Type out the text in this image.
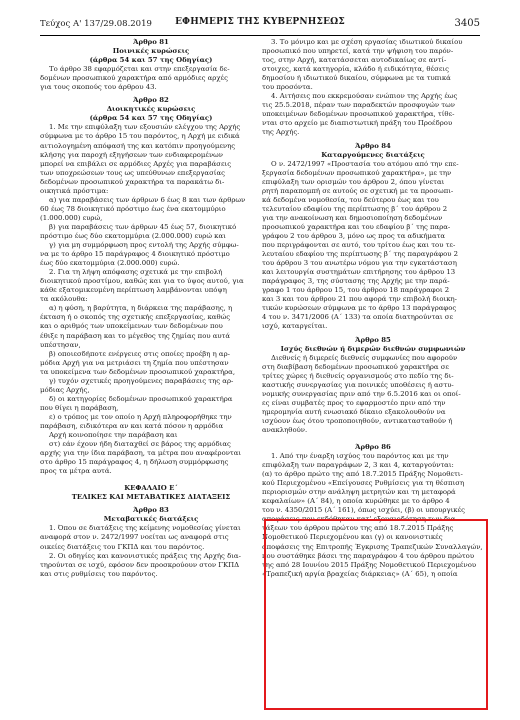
Τεύχος A' 137/29.08.2019	ΕΦΗΜΕΡΙΣ ΤΗΣ ΚΥΒΕΡΝΗΣΕΩΣ	3405

Άρθρο 81

Ποινικές κυρώσεις

(άρθρα 54 και 57 της Οδηγίας)

Το άρθρο 38 εφαρμόζεται και στην επεξεργασία δε-

δομένων προσωπικού χαρακτήρα από αρμόδιες αρχές

για τους σκοπούς του άρθρου 43.

Άρθρο 82

Διοικητικές κυρώσεις

(άρθρα 54 και 57 της Οδηγίας)

1. Με την επιφύλαξη των εξουσιών ελέγχου της Αρχής

σύμφωνα με το άρθρο 15 του παρόντος, η Αρχή με ειδικά

αιτιολογημένη απόφασή της και κατόπιν προηγούμενης

κλήσης για παροχή εξηγήσεων των ενδιαφερομένων

μπορεί να επιβάλει σε αρμόδιες Αρχές για παραβάσεις

των υποχρεώσεων τους ως υπεύθυνων επεξεργασίας

δεδομένων προσωπικού χαρακτήρα τα παρακάτω δι-

οικητικά πρόστιμα:

α) για παραβάσεις των άρθρων 6 έως 8 και των άρθρων

60 έως 78 διοικητικό πρόστιμο έως ένα εκατομμύριο

(1.000.000) ευρώ,

β) για παραβάσεις των άρθρων 45 έως 57, διοικητικό

πρόστιμο έως δύο εκατομμύρια (2.000.000) ευρώ και

γ) για μη συμμόρφωση προς εντολή της Αρχής σύμφω-

να με το άρθρο 15 παράγραφος 4 διοικητικό πρόστιμο

έως δύο εκατομμύρια (2.000.000) ευρώ.

2. Για τη λήψη απόφασης σχετικά με την επιβολή

διοικητικού προστίμου, καθώς και για το ύψος αυτού, για

κάθε εξατομικευμένη περίπτωση λαμβάνονται υπόψη

τα ακόλουθα:

α) η φύση, η βαρύτητα, η διάρκεια της παράβασης, η

έκταση ή ο σκοπός της σχετικής επεξεργασίας, καθώς

και ο αριθμός των υποκείμενων των δεδομένων που

έθιξε η παράβαση και το μέγεθος της ζημίας που αυτά

υπέστησαν,

β) οποιεσδήποτε ενέργειες στις οποίες προέβη η αρ-

μόδια Αρχή για να μετριάσει τη ζημία που υπέστησαν

τα υποκείμενα των δεδομένων προσωπικού χαρακτήρα,

γ) τυχόν σχετικές προηγούμενες παραβάσεις της αρ-

μόδιας Αρχής,

δ) οι κατηγορίες δεδομένων προσωπικού χαρακτήρα

που θίγει η παράβαση,

ε) ο τρόπος με τον οποίο η Αρχή πληροφορήθηκε την

παράβαση, ειδικότερα αν και κατά πόσον η αρμόδια

Αρχή κοινοποίησε την παράβαση και

στ) εάν έχουν ήδη διαταχθεί σε βάρος της αρμόδιας

αρχής για την ίδια παράβαση, τα μέτρα που αναφέρονται

στο άρθρο 15 παράγραφος 4, η δήλωση συμμόρφωσης

προς τα μέτρα αυτά.

ΚΕΦΑΛΑΙΟ Ε΄

ΤΕΛΙΚΕΣ ΚΑΙ ΜΕΤΑΒΑΤΙΚΕΣ ΔΙΑΤΑΞΕΙΣ

Άρθρο 83

Μεταβατικές διατάξεις

1. Όπου σε διατάξεις της κείμενης νομοθεσίας γίνεται

αναφορά στον ν. 2472/1997 νοείται ως αναφορά στις

οικείες διατάξεις του ΓΚΠΔ και του παρόντος.

2. Οι οδηγίες και κανονιστικές πράξεις της Αρχής δια-

τηρούνται σε ισχύ, εφόσον δεν προσκρούουν στον ΓΚΠΔ

και στις ρυθμίσεις του παρόντος.

3. Το μόνιμο και με σχέση εργασίας ιδιωτικού δικαίου

προσωπικό που υπηρετεί, κατά την ψήφιση του παρόν-

τος, στην Αρχή, κατατάσσεται αυτοδικαίως σε αντί-

στοιχες, κατά κατηγορία, κλάδο ή ειδικότητα, θέσεις

δημοσίου ή ιδιωτικού δικαίου, σύμφωνα με τα τυπικά

του προσόντα.

4. Αιτήσεις που εκκρεμούσαν ενώπιον της Αρχής έως

τις 25.5.2018, πέραν των παραδεκτών προσφυγών των

υποκειμένων δεδομένων προσωπικού χαρακτήρα, τίθε-

νται στο αρχείο με διαπιστωτική πράξη του Προέδρου

της Αρχής.

Άρθρο 84

Καταργούμενες διατάξεις

Ο ν. 2472/1997 «Προστασία του ατόμου από την επε-

ξεργασία δεδομένων προσωπικού χαρακτήρα», με την

επιφύλαξη των ορισμών του άρθρου 2, όπου γίνεται

ρητή παραπομπή σε αυτούς σε σχετική με τα προσωπι-

κά δεδομένα νομοθεσία, του δεύτερου έως και του

τελευταίου εδαφίου της περίπτωσης β΄ του άρθρου 2

για την ανακοίνωση και δημοσιοποίηση δεδομένων

προσωπικού χαρακτήρα και του εδαφίου β΄ της παρα-

γράφου 2 του άρθρου 3, μόνο ως προς τα αδικήματα

που περιγράφονται σε αυτό, του τρίτου έως και του τε-

λευταίου εδαφίου της περίπτωσης β΄ της παραγράφου 2

του άρθρου 3 του ανωτέρω νόμου για την εγκατάσταση

και λειτουργία συστημάτων επιτήρησης του άρθρου 13

παράγραφος 3, της σύστασης της Αρχής με την παρά-

γραφο 1 του άρθρου 15, του άρθρου 18 παράγραφοι 2

και 3 και του άρθρου 21 που αφορά την επιβολή διοικη-

τικών κυρώσεων σύμφωνα με το άρθρο 13 παράγραφος

4 του ν. 3471/2006 (Α΄ 133) τα οποία διατηρούνται σε

ισχύ, καταργείται.

Άρθρο 85

Ισχύς διεθνών ή διμερών διεθνών συμφωνιών

Διεθνείς ή διμερείς διεθνείς συμφωνίες που αφορούν

στη διαβίβαση δεδομένων προσωπικού χαρακτήρα σε

τρίτες χώρες ή διεθνείς οργανισμούς στο πεδίο της δι-

καστικής συνεργασίας για ποινικές υποθέσεις ή αστυ-

νομικής συνεργασίας πριν από την 6.5.2016 και οι οποί-

ες είναι συμβατές προς το εφαρμοστέο πριν από την

ημερομηνία αυτή ενωσιακό δίκαιο εξακολουθούν να

ισχύουν έως ότου τροποποιηθούν, αντικατασταθούν ή

ανακληθούν.

Άρθρο 86

1. Από την έναρξη ισχύος του παρόντος και με την

επιφύλαξη των παραγράφων 2, 3 και 4, καταργούνται:

(α) το άρθρο πρώτο της από 18.7.2015 Πράξης Νομοθετι-

κού Περιεχομένου «Επείγουσες Ρυθμίσεις για τη θέσπιση

περιορισμών στην ανάληψη μετρητών και τη μεταφορά

κεφαλαίων» (Α΄ 84), η οποία κυρώθηκε με το άρθρο 4

του ν. 4350/2015 (Α΄ 161), όπως ισχύει, (β) οι υπουργικές

αποφάσεις που εκδόθηκαν κατ' εξουσιοδότηση των δια-

τάξεων του άρθρου πρώτου της από 18.7.2015 Πράξης

Νομοθετικού Περιεχομένου και (γ) οι κανονιστικές

αποφάσεις της Επιτροπής Έγκρισης Τραπεζικών Συναλλαγών,

που συστάθηκε βάσει της παραγράφου 4 του άρθρου πρώτου

της από 28 Ιουνίου 2015 Πράξης Νομοθετικού Περιεχομένου

«Τραπεζική αργία βραχείας διάρκειας» (Α΄ 65), η οποία
